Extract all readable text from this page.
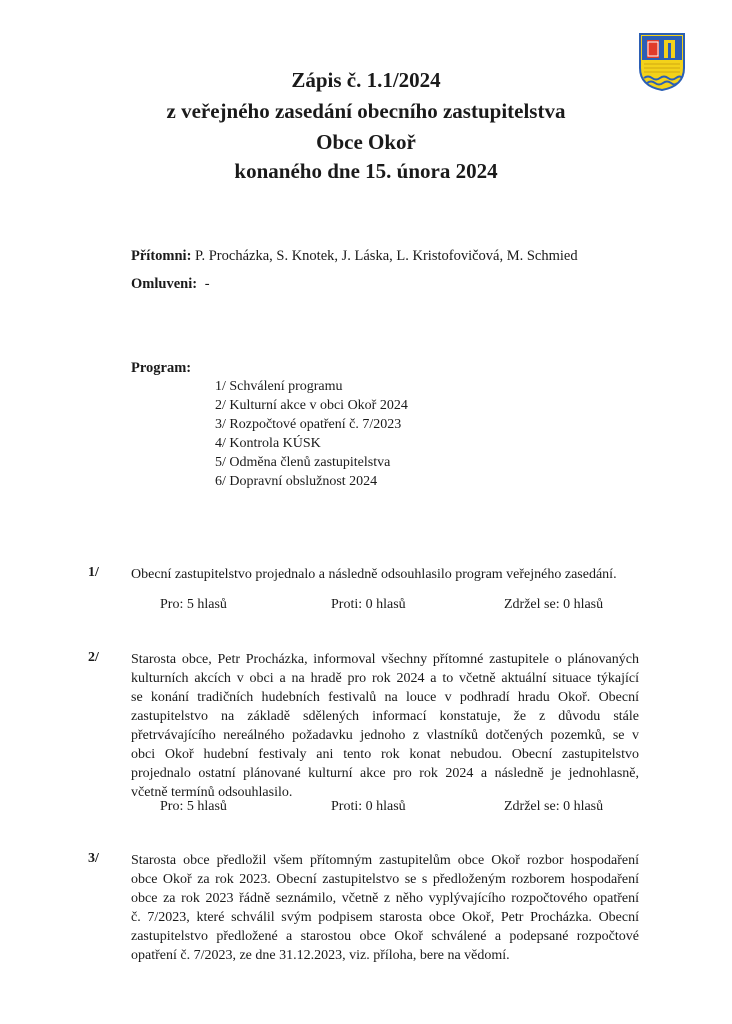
Zápis č. 1.1/2024
z veřejného zasedání obecního zastupitelstva
Obce Okoř
konaného dne 15. února 2024
Přítomni: P. Procházka, S. Knotek, J. Láska, L. Kristofovičová, M. Schmied
Omluveni: -
Program:
1/ Schválení programu
2/ Kulturní akce v obci Okoř 2024
3/ Rozpočtové opatření č. 7/2023
4/ Kontrola KÚSK
5/ Odměna členů zastupitelstva
6/ Dopravní obslužnost 2024
1/ Obecní zastupitelstvo projednalo a následně odsouhlasilo program veřejného zasedání.
Pro: 5 hlasů	Proti: 0 hlasů	Zdržel se: 0 hlasů
2/ Starosta obce, Petr Procházka, informoval všechny přítomné zastupitele o plánovaných
kulturních akcích v obci a na hradě pro rok 2024 a to včetně aktuální situace týkající
se konání tradičních hudebních festivalů na louce v podhradí hradu Okoř. Obecní
zastupitelstvo na základě sdělených informací konstatuje, že z důvodu stále
přetrvávajícího nereálného požadavku jednoho z vlastníků dotčených pozemků, se v
obci Okoř hudební festivaly ani tento rok konat nebudou. Obecní zastupitelstvo
projednalo ostatní plánované kulturní akce pro rok 2024 a následně je jednohlasně,
včetně termínů odsouhlasilo.
Pro: 5 hlasů	Proti: 0 hlasů	Zdržel se: 0 hlasů
3/ Starosta obce předložil všem přítomným zastupitelům obce Okoř rozbor hospodaření
obce Okoř za rok 2023. Obecní zastupitelstvo se s předloženým rozborem hospodaření
obce za rok 2023 řádně seznámilo, včetně z něho vyplývajícího rozpočtového opatření
č. 7/2023, které schválil svým podpisem starosta obce Okoř, Petr Procházka. Obecní
zastupitelstvo předložené a starostou obce Okoř schválené a podepsané rozpočtové
opatření č. 7/2023, ze dne 31.12.2023, viz. příloha, bere na vědomí.
